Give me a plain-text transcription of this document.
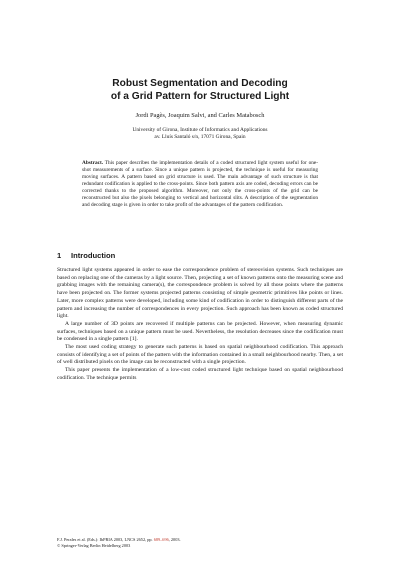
Robust Segmentation and Decoding
of a Grid Pattern for Structured Light
Jordi Pagès, Joaquim Salvi, and Carles Matabosch
University of Girona, Institute of Informatics and Applications
av. Lluís Santaló s/n, 17071 Girona, Spain
Abstract. This paper describes the implementation details of a coded structured light system useful for one-shot measurements of a surface. Since a unique pattern is projected, the technique is useful for measuring moving surfaces. A pattern based on grid structure is used. The main advantage of such structure is that redundant codification is applied to the cross-points. Since both pattern axis are coded, decoding errors can be corrected thanks to the proposed algorithm. Moreover, not only the cross-points of the grid can be reconstructed but also the pixels belonging to vertical and horizontal slits. A description of the segmentation and decoding stage is given in order to take profit of the advantages of the pattern codification.
1 Introduction

Structured light systems appeared in order to ease the correspondence problem of stereovision systems. Such techniques are based on replacing one of the cameras by a light source. Then, projecting a set of known patterns onto the measuring scene and grabbing images with the remaining camera(s), the correspondence problem is solved by all those points where the patterns have been projected on. The former systems projected patterns consisting of simple geometric primitives like points or lines. Later, more complex patterns were developed, including some kind of codification in order to distinguish different parts of the pattern and increasing the number of correspondences in every projection. Such approach has been known as coded structured light.

A large number of 3D points are recovered if multiple patterns can be projected. However, when measuring dynamic surfaces, techniques based on a unique pattern must be used. Nevertheless, the resolution decreases since the codification must be condensed in a single pattern [1].

The most used coding strategy to generate such patterns is based on spatial neighbourhood codification. This approach consists of identifying a set of points of the pattern with the information contained in a small neighbourhood nearby. Then, a set of well distributed pixels on the image can be reconstructed with a single projection.

This paper presents the implementation of a low-cost coded structured light technique based on spatial neighbourhood codification. The technique permits

F.J. Perales et al. (Eds.): IbPRIA 2003, LNCS 2652, pp. 689–696, 2003.
© Springer-Verlag Berlin Heidelberg 2003
